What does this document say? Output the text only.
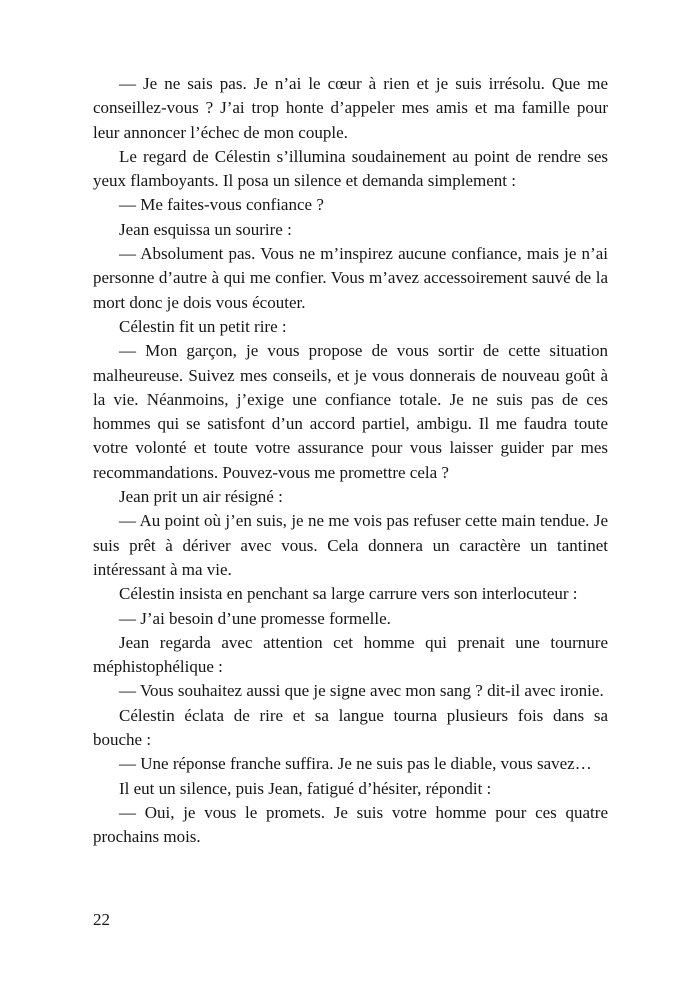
— Je ne sais pas. Je n’ai le cœur à rien et je suis irrésolu. Que me conseillez-vous ? J’ai trop honte d’appeler mes amis et ma famille pour leur annoncer l’échec de mon couple.

Le regard de Célestin s’illumina soudainement au point de rendre ses yeux flamboyants. Il posa un silence et demanda simplement :

— Me faites-vous confiance ?

Jean esquissa un sourire :

— Absolument pas. Vous ne m’inspirez aucune confiance, mais je n’ai personne d’autre à qui me confier. Vous m’avez accessoirement sauvé de la mort donc je dois vous écouter.

Célestin fit un petit rire :

— Mon garçon, je vous propose de vous sortir de cette situation malheureuse. Suivez mes conseils, et je vous donnerais de nouveau goût à la vie. Néanmoins, j’exige une confiance totale. Je ne suis pas de ces hommes qui se satisfont d’un accord partiel, ambigu. Il me faudra toute votre volonté et toute votre assurance pour vous laisser guider par mes recommandations. Pouvez-vous me promettre cela ?

Jean prit un air résigné :

— Au point où j’en suis, je ne me vois pas refuser cette main tendue. Je suis prêt à dériver avec vous. Cela donnera un caractère un tantinet intéressant à ma vie.

Célestin insista en penchant sa large carrure vers son interlocuteur :

— J’ai besoin d’une promesse formelle.

Jean regarda avec attention cet homme qui prenait une tournure méphistophélique :

— Vous souhaitez aussi que je signe avec mon sang ? dit-il avec ironie.

Célestin éclata de rire et sa langue tourna plusieurs fois dans sa bouche :

— Une réponse franche suffira. Je ne suis pas le diable, vous savez…

Il eut un silence, puis Jean, fatigué d’hésiter, répondit :

— Oui, je vous le promets. Je suis votre homme pour ces quatre prochains mois.

22
